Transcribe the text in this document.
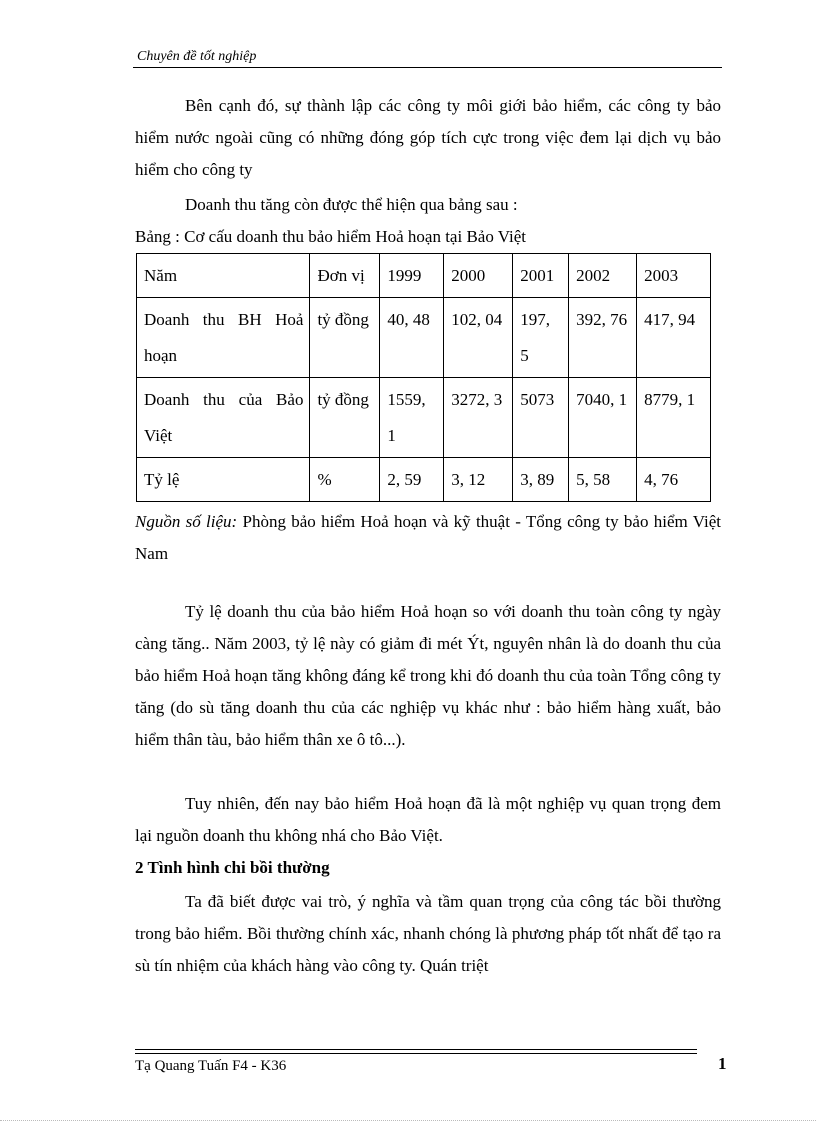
Chuyên đề tốt nghiệp
Bên cạnh đó, sự thành lập các công ty môi giới bảo hiểm, các công ty bảo hiểm nước ngoài cũng có những đóng góp tích cực trong việc đem lại dịch vụ bảo hiểm cho công ty
Doanh thu tăng còn được thể hiện qua bảng sau :
Bảng : Cơ cấu doanh thu bảo hiểm Hoả hoạn tại Bảo Việt
Năm	Đơn vị	1999	2000	2001	2002	2003
Doanh thu BH Hoả hoạn	tỷ đồng	40, 48	102, 04	197, 5	392, 76	417, 94
Doanh thu của Bảo Việt	tỷ đồng	1559, 1	3272, 3	5073	7040, 1	8779, 1
Tỷ lệ	%	2, 59	3, 12	3, 89	5, 58	4, 76
Nguồn số liệu: Phòng bảo hiểm Hoả hoạn và kỹ thuật - Tổng công ty bảo hiểm Việt Nam
Tỷ lệ doanh thu của bảo hiểm Hoả hoạn so với doanh thu toàn công ty ngày càng tăng.. Năm 2003, tỷ lệ này có giảm đi mét Ýt, nguyên nhân là do doanh thu của bảo hiểm Hoả hoạn tăng không đáng kể trong khi đó doanh thu của toàn Tổng công ty tăng (do sù tăng doanh thu của các nghiệp vụ khác như : bảo hiểm hàng xuất, bảo hiểm thân tàu, bảo hiểm thân xe ô tô...).
Tuy nhiên, đến nay bảo hiểm Hoả hoạn đã là một nghiệp vụ quan trọng đem lại nguồn doanh thu không nhá cho Bảo Việt.
2 Tình hình chi bồi thường
Ta đã biết được vai trò, ý nghĩa và tầm quan trọng của công tác bồi thường trong bảo hiểm. Bồi thường chính xác, nhanh chóng là phương pháp tốt nhất để tạo ra sù tín nhiệm của khách hàng vào công ty. Quán triệt
Tạ Quang Tuấn F4 - K36	1
